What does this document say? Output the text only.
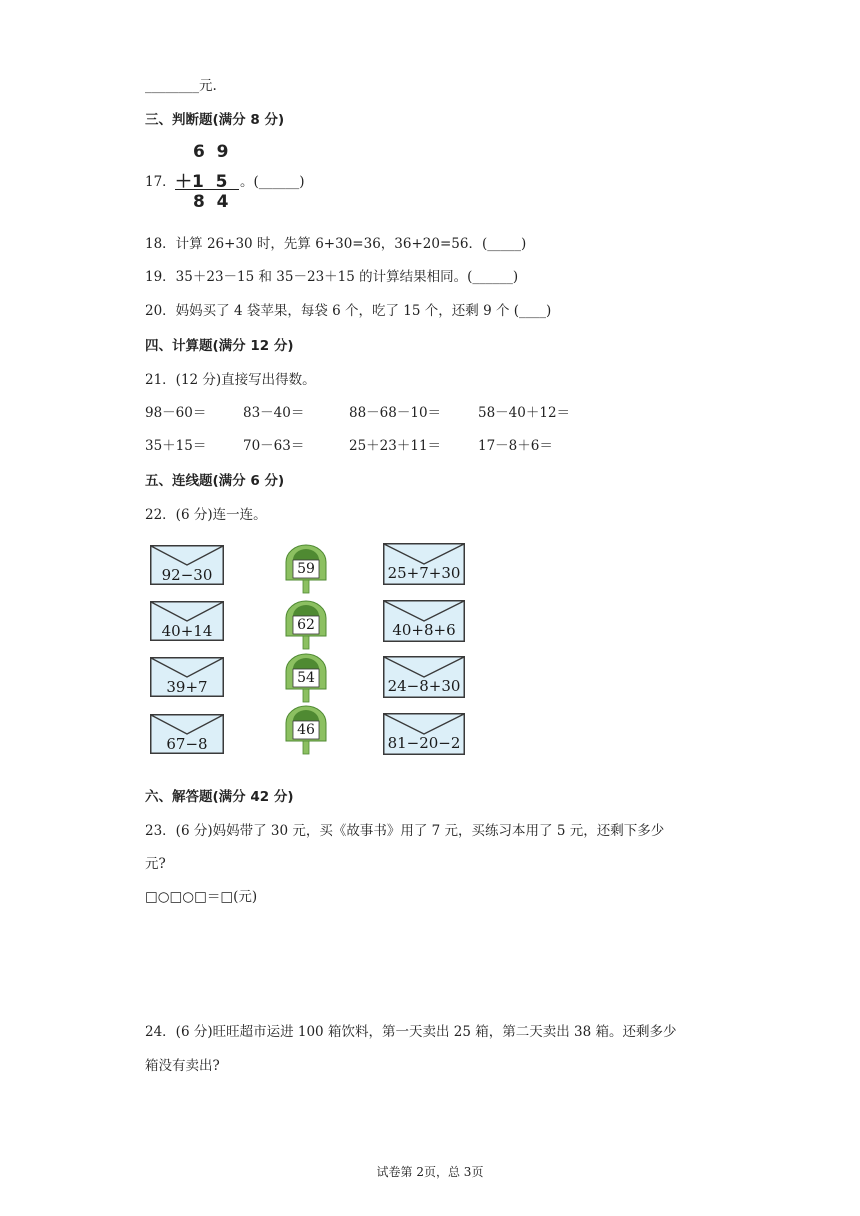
________元.
三、判断题(满分 8 分)
17．
6  9
＋1  5
8  4
。(______)
18．计算 26+30 时，先算 6+30=36，36+20=56．(_____)
19．35＋23－15 和 35－23＋15 的计算结果相同。(______)
20．妈妈买了 4 袋苹果，每袋 6 个，吃了 15 个，还剩 9 个 (____)
四、计算题(满分 12 分)
21．(12 分)直接写出得数。
98－60＝	83－40＝	88－68－10＝	58－40＋12＝
35＋15＝	70－63＝	25＋23＋11＝	17－8＋6＝
五、连线题(满分 6 分)
22．(6 分)连一连。
92−30
40+14
39+7
67−8
59
62
54
46
25+7+30
40+8+6
24−8+30
81−20−2
六、解答题(满分 42 分)
23．(6 分)妈妈带了 30 元，买《故事书》用了 7 元，买练习本用了 5 元，还剩下多少
元?
□○□○□＝□(元)
24．(6 分)旺旺超市运进 100 箱饮料，第一天卖出 25 箱，第二天卖出 38 箱。还剩多少
箱没有卖出?
试卷第 2页，总 3页
